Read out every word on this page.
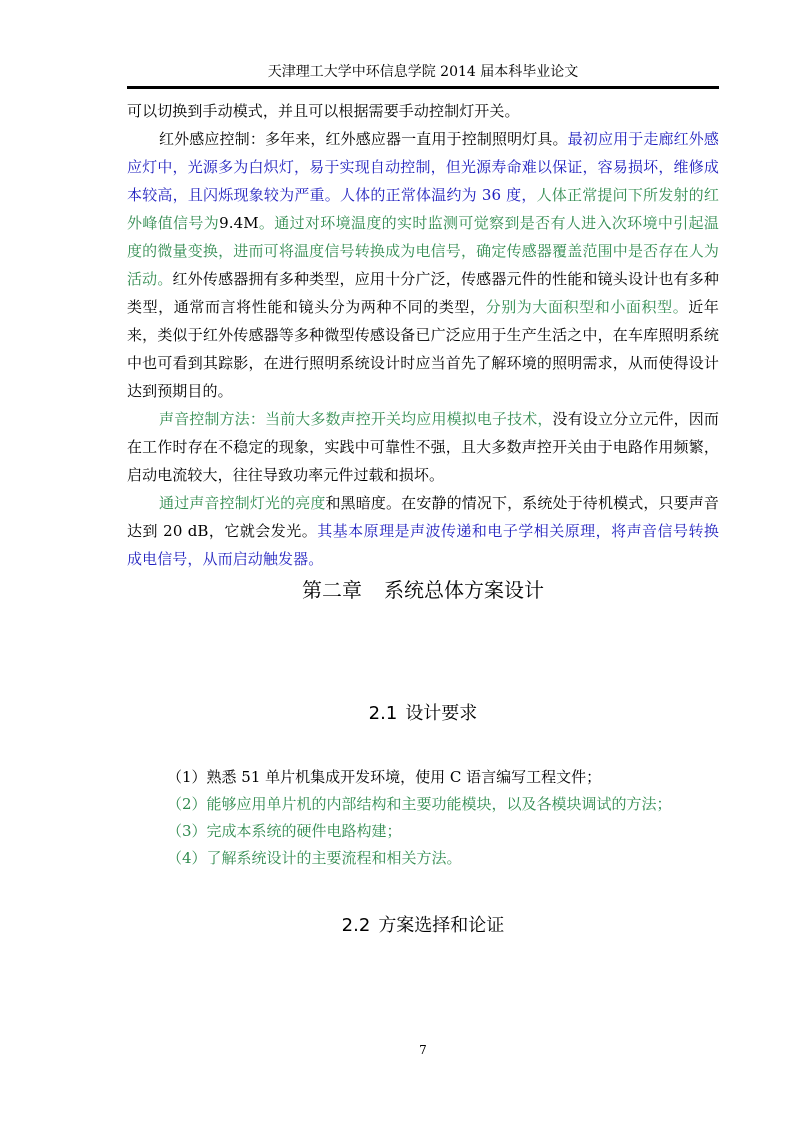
天津理工大学中环信息学院 2014 届本科毕业论文

可以切换到手动模式，并且可以根据需要手动控制灯开关。

红外感应控制：多年来，红外感应器一直用于控制照明灯具。最初应用于走廊红外感应灯中，光源多为白炽灯，易于实现自动控制，但光源寿命难以保证，容易损坏，维修成本较高，且闪烁现象较为严重。人体的正常体温约为 36 度，人体正常提问下所发射的红外峰值信号为9.4M。通过对环境温度的实时监测可觉察到是否有人进入次环境中引起温度的微量变换，进而可将温度信号转换成为电信号，确定传感器覆盖范围中是否存在人为活动。红外传感器拥有多种类型，应用十分广泛，传感器元件的性能和镜头设计也有多种类型，通常而言将性能和镜头分为两种不同的类型，分别为大面积型和小面积型。近年来，类似于红外传感器等多种微型传感设备已广泛应用于生产生活之中，在车库照明系统中也可看到其踪影，在进行照明系统设计时应当首先了解环境的照明需求，从而使得设计达到预期目的。

声音控制方法：当前大多数声控开关均应用模拟电子技术，没有设立分立元件，因而在工作时存在不稳定的现象，实践中可靠性不强，且大多数声控开关由于电路作用频繁，启动电流较大，往往导致功率元件过载和损坏。

通过声音控制灯光的亮度和黑暗度。在安静的情况下，系统处于待机模式，只要声音达到 20 dB，它就会发光。其基本原理是声波传递和电子学相关原理，将声音信号转换成电信号，从而启动触发器。

第二章 系统总体方案设计
2.1 设计要求
（1）熟悉 51 单片机集成开发环境，使用 C 语言编写工程文件；
（2）能够应用单片机的内部结构和主要功能模块，以及各模块调试的方法；
（3）完成本系统的硬件电路构建；
（4）了解系统设计的主要流程和相关方法。
2.2 方案选择和论证
7
